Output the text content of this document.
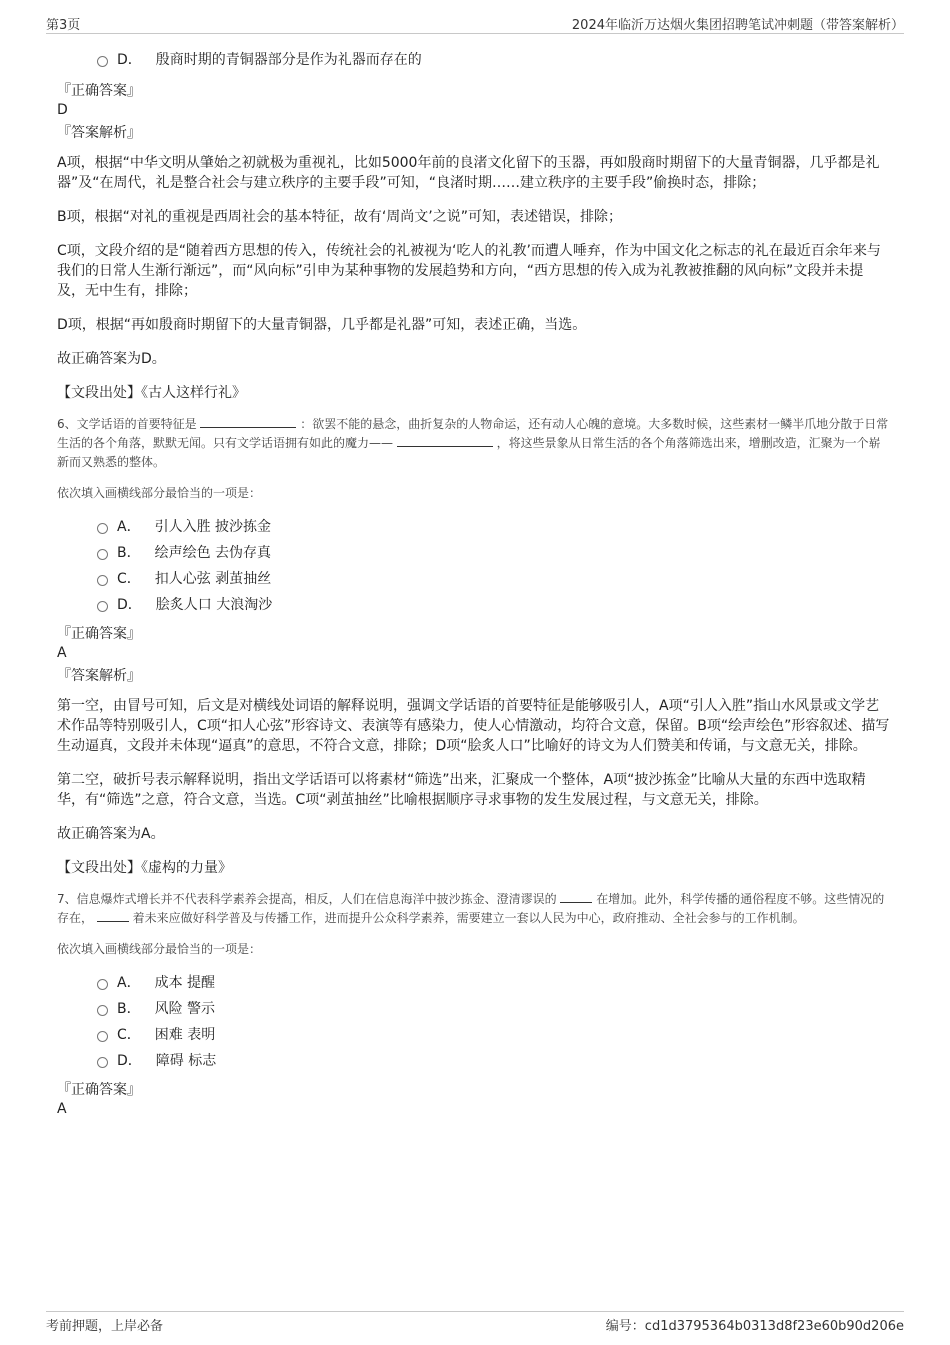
第3页	2024年临沂万达烟火集团招聘笔试冲刺题（带答案解析）
D． 殷商时期的青铜器部分是作为礼器而存在的
『正确答案』
D
『答案解析』
A项，根据“中华文明从肇始之初就极为重视礼，比如5000年前的良渚文化留下的玉器，再如殷商时期留下的大量青铜器，几乎都是礼器”及“在周代，礼是整合社会与建立秩序的主要手段”可知，“良渚时期……建立秩序的主要手段”偷换时态，排除；
B项，根据“对礼的重视是西周社会的基本特征，故有‘周尚文’之说”可知，表述错误，排除；
C项，文段介绍的是“随着西方思想的传入，传统社会的礼被视为‘吃人的礼教’而遭人唾弃，作为中国文化之标志的礼在最近百余年来与我们的日常人生渐行渐远”，而“风向标”引申为某种事物的发展趋势和方向，“西方思想的传入成为礼教被推翻的风向标”文段并未提及，无中生有，排除；
D项，根据“再如殷商时期留下的大量青铜器，几乎都是礼器”可知，表述正确，当选。
故正确答案为D。
【文段出处】《古人这样行礼》
6、文学话语的首要特征是	：欲罢不能的悬念，曲折复杂的人物命运，还有动人心魄的意境。大多数时候，这些素材一鳞半爪地分散于日常生活的各个角落，默默无闻。只有文学话语拥有如此的魔力——	，将这些景象从日常生活的各个角落筛选出来，增删改造，汇聚为一个崭新而又熟悉的整体。
依次填入画横线部分最恰当的一项是：
A． 引人入胜 披沙拣金
B． 绘声绘色 去伪存真
C． 扣人心弦 剥茧抽丝
D． 脍炙人口 大浪淘沙
『正确答案』
A
『答案解析』
第一空，由冒号可知，后文是对横线处词语的解释说明，强调文学话语的首要特征是能够吸引人，A项“引人入胜”指山水风景或文学艺术作品等特别吸引人，C项“扣人心弦”形容诗文、表演等有感染力，使人心情激动，均符合文意，保留。B项“绘声绘色”形容叙述、描写生动逼真，文段并未体现“逼真”的意思，不符合文意，排除；D项“脍炙人口”比喻好的诗文为人们赞美和传诵，与文意无关，排除。
第二空，破折号表示解释说明，指出文学话语可以将素材“筛选”出来，汇聚成一个整体，A项“披沙拣金”比喻从大量的东西中选取精华，有“筛选”之意，符合文意，当选。C项“剥茧抽丝”比喻根据顺序寻求事物的发生发展过程，与文意无关，排除。
故正确答案为A。
【文段出处】《虚构的力量》
7、信息爆炸式增长并不代表科学素养会提高，相反，人们在信息海洋中披沙拣金、澄清谬误的	在增加。此外，科学传播的通俗程度不够。这些情况的存在，	着未来应做好科学普及与传播工作，进而提升公众科学素养，需要建立一套以人民为中心，政府推动、全社会参与的工作机制。
依次填入画横线部分最恰当的一项是：
A． 成本 提醒
B． 风险 警示
C． 困难 表明
D． 障碍 标志
『正确答案』
A
考前押题，上岸必备	编号：cd1d3795364b0313d8f23e60b90d206e
